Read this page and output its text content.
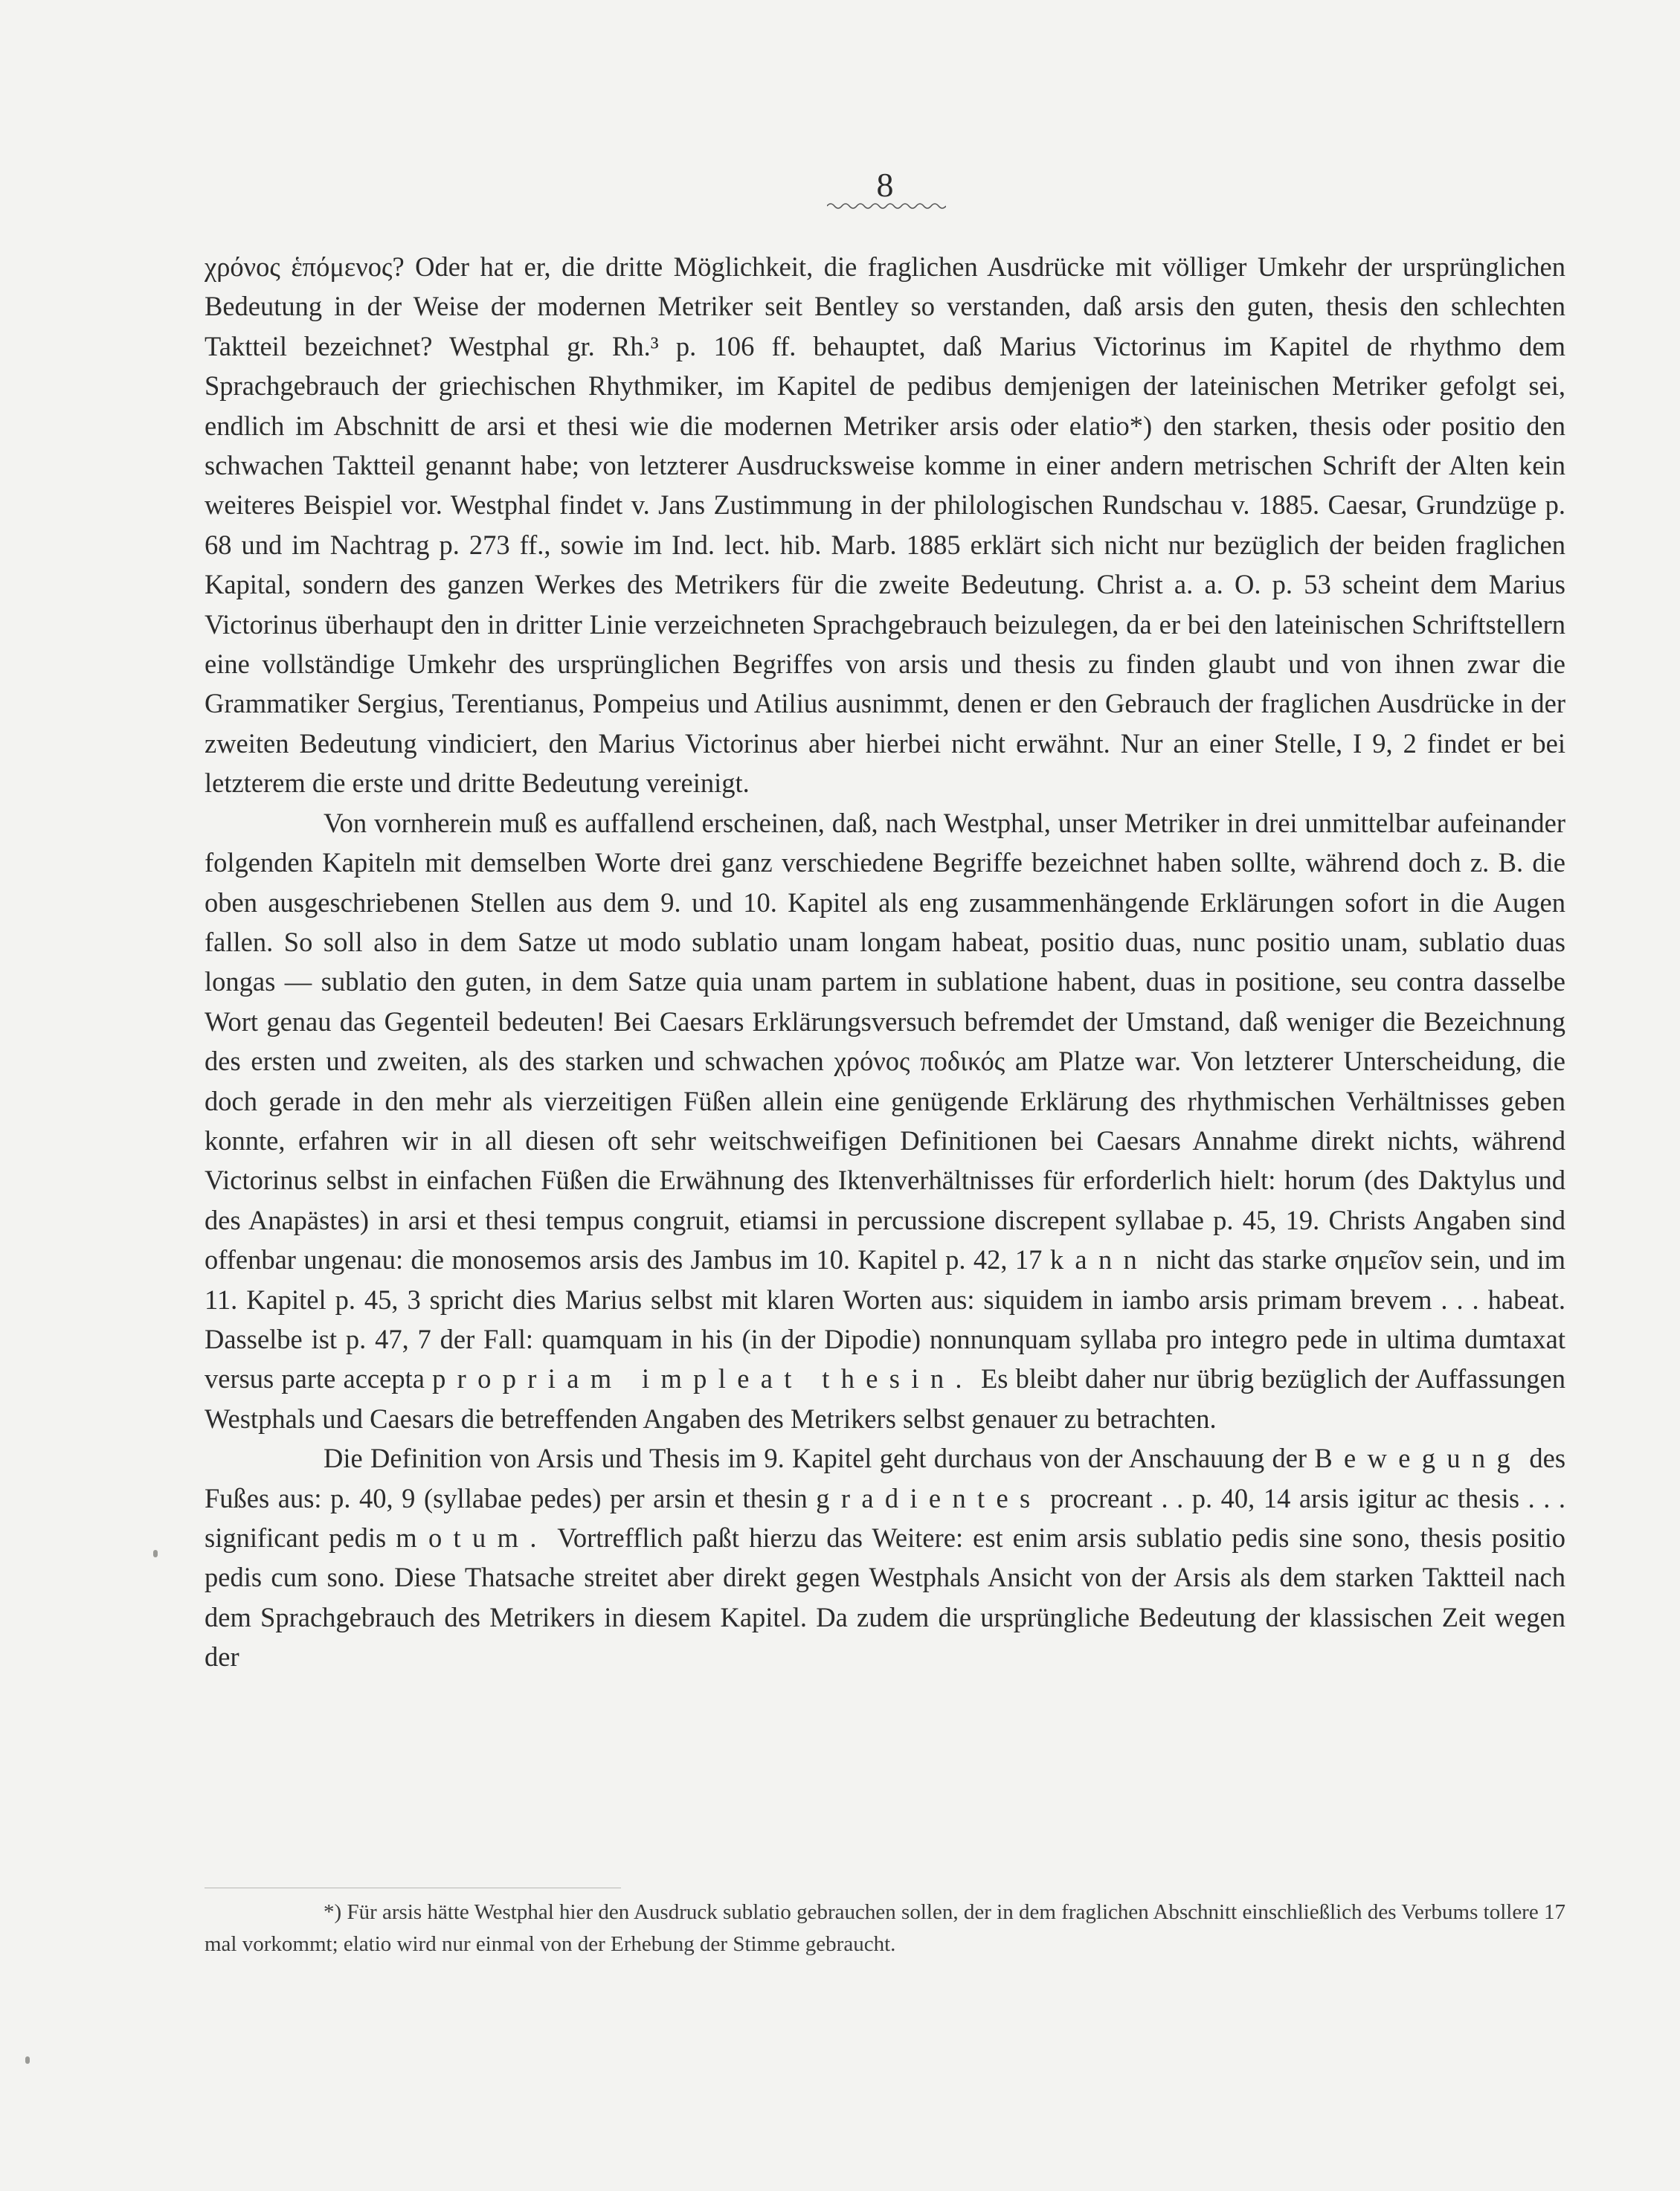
8

χρόνος ἑπόμενος? Oder hat er, die dritte Möglichkeit, die fraglichen Ausdrücke mit völliger Umkehr der ursprünglichen Bedeutung in der Weise der modernen Metriker seit Bentley so verstanden, daß arsis den guten, thesis den schlechten Taktteil bezeichnet? Westphal gr. Rh.³ p. 106 ff. behauptet, daß Marius Victorinus im Kapitel de rhythmo dem Sprachgebrauch der griechischen Rhythmiker, im Kapitel de pedibus demjenigen der lateinischen Metriker gefolgt sei, endlich im Abschnitt de arsi et thesi wie die modernen Metriker arsis oder elatio*) den starken, thesis oder positio den schwachen Taktteil genannt habe; von letzterer Ausdrucksweise komme in einer andern metrischen Schrift der Alten kein weiteres Beispiel vor. Westphal findet v. Jans Zustimmung in der philologischen Rundschau v. 1885. Caesar, Grundzüge p. 68 und im Nachtrag p. 273 ff., sowie im Ind. lect. hib. Marb. 1885 erklärt sich nicht nur bezüglich der beiden fraglichen Kapital, sondern des ganzen Werkes des Metrikers für die zweite Bedeutung. Christ a. a. O. p. 53 scheint dem Marius Victorinus überhaupt den in dritter Linie verzeichneten Sprachgebrauch beizulegen, da er bei den lateinischen Schriftstellern eine vollständige Umkehr des ursprünglichen Begriffes von arsis und thesis zu finden glaubt und von ihnen zwar die Grammatiker Sergius, Terentianus, Pompeius und Atilius ausnimmt, denen er den Gebrauch der fraglichen Ausdrücke in der zweiten Bedeutung vindiciert, den Marius Victorinus aber hierbei nicht erwähnt. Nur an einer Stelle, I 9, 2 findet er bei letzterem die erste und dritte Bedeutung vereinigt.

Von vornherein muß es auffallend erscheinen, daß, nach Westphal, unser Metriker in drei unmittelbar aufeinander folgenden Kapiteln mit demselben Worte drei ganz verschiedene Begriffe bezeichnet haben sollte, während doch z. B. die oben ausgeschriebenen Stellen aus dem 9. und 10. Kapitel als eng zusammenhängende Erklärungen sofort in die Augen fallen. So soll also in dem Satze ut modo sublatio unam longam habeat, positio duas, nunc positio unam, sublatio duas longas — sublatio den guten, in dem Satze quia unam partem in sublatione habent, duas in positione, seu contra dasselbe Wort genau das Gegenteil bedeuten! Bei Caesars Erklärungsversuch befremdet der Umstand, daß weniger die Bezeichnung des ersten und zweiten, als des starken und schwachen χρόνος ποδικός am Platze war. Von letzterer Unterscheidung, die doch gerade in den mehr als vierzeitigen Füßen allein eine genügende Erklärung des rhythmischen Verhältnisses geben konnte, erfahren wir in all diesen oft sehr weitschweifigen Definitionen bei Caesars Annahme direkt nichts, während Victorinus selbst in einfachen Füßen die Erwähnung des Iktenverhältnisses für erforderlich hielt: horum (des Daktylus und des Anapästes) in arsi et thesi tempus congruit, etiamsi in percussione discrepent syllabae p. 45, 19. Christs Angaben sind offenbar ungenau: die monosemos arsis des Jambus im 10. Kapitel p. 42, 17 kann nicht das starke σημεῖον sein, und im 11. Kapitel p. 45, 3 spricht dies Marius selbst mit klaren Worten aus: siquidem in iambo arsis primam brevem . . . habeat. Dasselbe ist p. 47, 7 der Fall: quamquam in his (in der Dipodie) nonnunquam syllaba pro integro pede in ultima dumtaxat versus parte accepta propriam impleat thesin. Es bleibt daher nur übrig bezüglich der Auffassungen Westphals und Caesars die betreffenden Angaben des Metrikers selbst genauer zu betrachten.

Die Definition von Arsis und Thesis im 9. Kapitel geht durchaus von der Anschauung der Bewegung des Fußes aus: p. 40, 9 (syllabae pedes) per arsin et thesin gradientes procreant . . p. 40, 14 arsis igitur ac thesis . . . significant pedis motum. Vortrefflich paßt hierzu das Weitere: est enim arsis sublatio pedis sine sono, thesis positio pedis cum sono. Diese Thatsache streitet aber direkt gegen Westphals Ansicht von der Arsis als dem starken Taktteil nach dem Sprachgebrauch des Metrikers in diesem Kapitel. Da zudem die ursprüngliche Bedeutung der klassischen Zeit wegen der

*) Für arsis hätte Westphal hier den Ausdruck sublatio gebrauchen sollen, der in dem fraglichen Abschnitt einschließlich des Verbums tollere 17 mal vorkommt; elatio wird nur einmal von der Erhebung der Stimme gebraucht.
